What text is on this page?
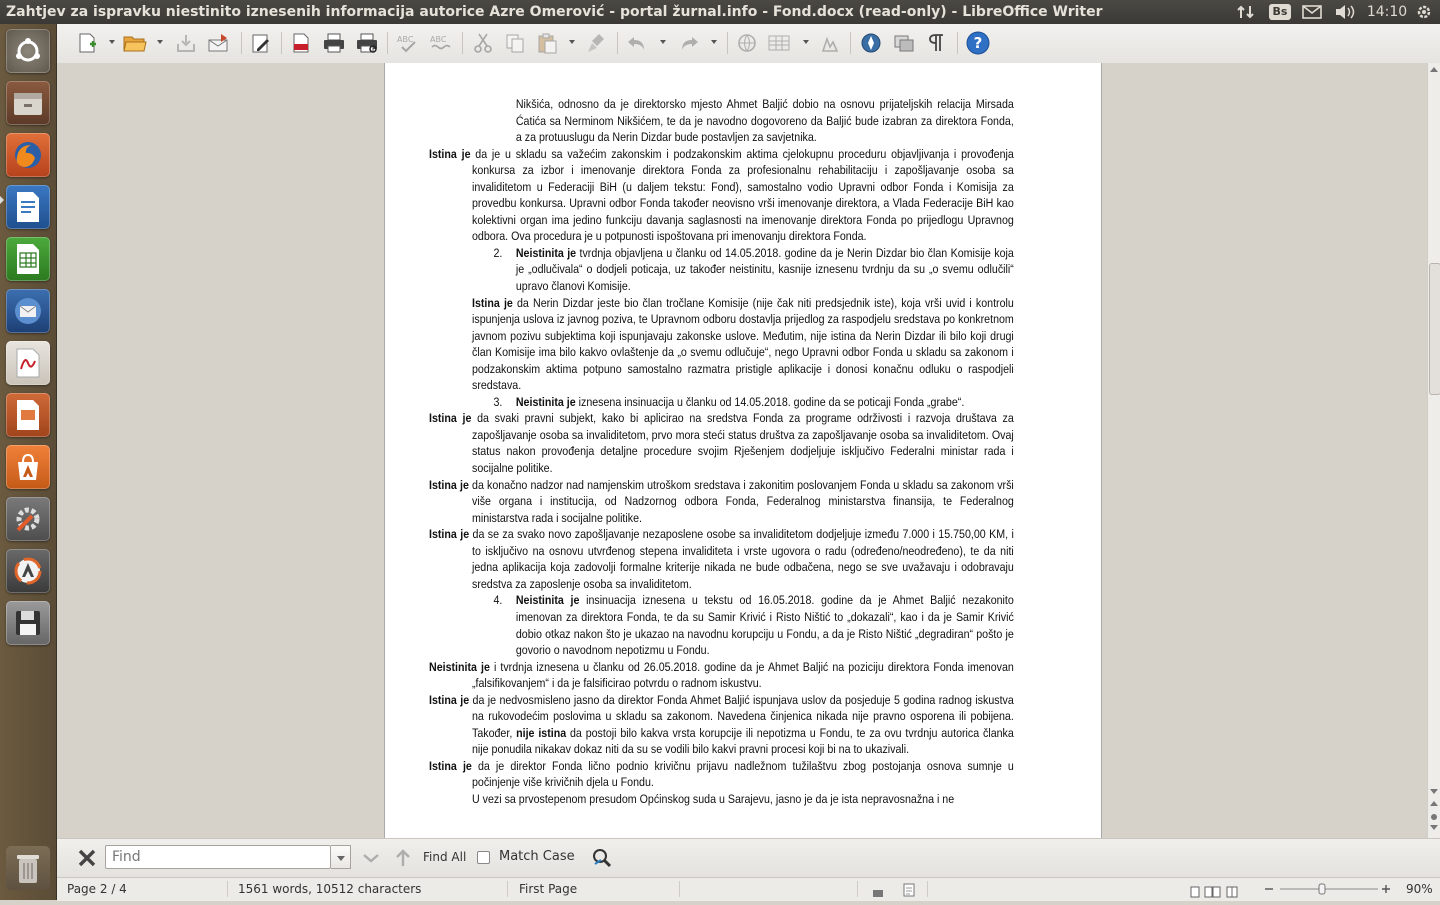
Zahtjev za ispravku niestinito iznesenih informacija autorice Azre Omerović - portal žurnal.info - Fond.docx (read-only) - LibreOffice Writer	Bs	14:10
ABC ABC	?
Nikšića, odnosno da je direktorsko mjesto Ahmet Baljić dobio na osnovu prijateljskih relacija Mirsada Ćatića sa Nerminom Nikšićem, te da je navodno dogovoreno da Baljić bude izabran za direktora Fonda, a za protuuslugu da Nerin Dizdar bude postavljen za savjetnika.
Istina je da je u skladu sa važećim zakonskim i podzakonskim aktima cjelokupnu proceduru objavljivanja i provođenja konkursa za izbor i imenovanje direktora Fonda za profesionalnu rehabilitaciju i zapošljavanje osoba sa invaliditetom u Federaciji BiH (u daljem tekstu: Fond), samostalno vodio Upravni odbor Fonda i Komisija za provedbu konkursa. Upravni odbor Fonda također neovisno vrši imenovanje direktora, a Vlada Federacije BiH kao kolektivni organ ima jedino funkciju davanja saglasnosti na imenovanje direktora Fonda po prijedlogu Upravnog odbora. Ova procedura je u potpunosti ispoštovana pri imenovanju direktora Fonda.
2. Neistinita je tvrdnja objavljena u članku od 14.05.2018. godine da je Nerin Dizdar bio član Komisije koja je „odlučivala“ o dodjeli poticaja, uz također neistinitu, kasnije iznesenu tvrdnju da su „o svemu odlučili“ upravo članovi Komisije.
Istina je da Nerin Dizdar jeste bio član tročlane Komisije (nije čak niti predsjednik iste), koja vrši uvid i kontrolu ispunjenja uslova iz javnog poziva, te Upravnom odboru dostavlja prijedlog za raspodjelu sredstava po konkretnom javnom pozivu subjektima koji ispunjavaju zakonske uslove. Međutim, nije istina da Nerin Dizdar ili bilo koji drugi član Komisije ima bilo kakvo ovlaštenje da „o svemu odlučuje“, nego Upravni odbor Fonda u skladu sa zakonom i podzakonskim aktima potpuno samostalno razmatra pristigle aplikacije i donosi konačnu odluku o raspodjeli sredstava.
3. Neistinita je iznesena insinuacija u članku od 14.05.2018. godine da se poticaji Fonda „grabe“.
Istina je da svaki pravni subjekt, kako bi aplicirao na sredstva Fonda za programe održivosti i razvoja društava za zapošljavanje osoba sa invaliditetom, prvo mora steći status društva za zapošljavanje osoba sa invaliditetom. Ovaj status nakon provođenja detaljne procedure svojim Rješenjem dodjeljuje isključivo Federalni ministar rada i socijalne politike.
Istina je da konačno nadzor nad namjenskim utroškom sredstava i zakonitim poslovanjem Fonda u skladu sa zakonom vrši više organa i institucija, od Nadzornog odbora Fonda, Federalnog ministarstva finansija, te Federalnog ministarstva rada i socijalne politike.
Istina je da se za svako novo zapošljavanje nezaposlene osobe sa invaliditetom dodjeljuje između 7.000 i 15.750,00 KM, i to isključivo na osnovu utvrđenog stepena invaliditeta i vrste ugovora o radu (određeno/neodređeno), te da niti jedna aplikacija koja zadovolji formalne kriterije nikada ne bude odbačena, nego se sve uvažavaju i odobravaju sredstva za zaposlenje osoba sa invaliditetom.
4. Neistinita je insinuacija iznesena u tekstu od 16.05.2018. godine da je Ahmet Baljić nezakonito imenovan za direktora Fonda, te da su Samir Krivić i Risto Ništić to „dokazali“, kao i da je Samir Krivić dobio otkaz nakon što je ukazao na navodnu korupciju u Fondu, a da je Risto Ništić „degradiran“ pošto je govorio o navodnom nepotizmu u Fondu.
Neistinita je i tvrdnja iznesena u članku od 26.05.2018. godine da je Ahmet Baljić na poziciju direktora Fonda imenovan „falsifikovanjem“ i da je falsificirao potvrdu o radnom iskustvu.
Istina je da je nedvosmisleno jasno da direktor Fonda Ahmet Baljić ispunjava uslov da posjeduje 5 godina radnog iskustva na rukovodećim poslovima u skladu sa zakonom. Navedena činjenica nikada nije pravno osporena ili pobijena. Također, nije istina da postoji bilo kakva vrsta korupcije ili nepotizma u Fondu, te za ovu tvrdnju autorica članka nije ponudila nikakav dokaz niti da su se vodili bilo kakvi pravni procesi koji bi na to ukazivali.
Istina je da je direktor Fonda lično podnio krivičnu prijavu nadležnom tužilaštvu zbog postojanja osnova sumnje u počinjenje više krivičnih djela u Fondu.
U vezi sa prvostepenom presudom Općinskog suda u Sarajevu, jasno je da je ista nepravosnažna i ne
Find
Find All	Match Case
Page 2 / 4	1561 words, 10512 characters	First Page	90%
